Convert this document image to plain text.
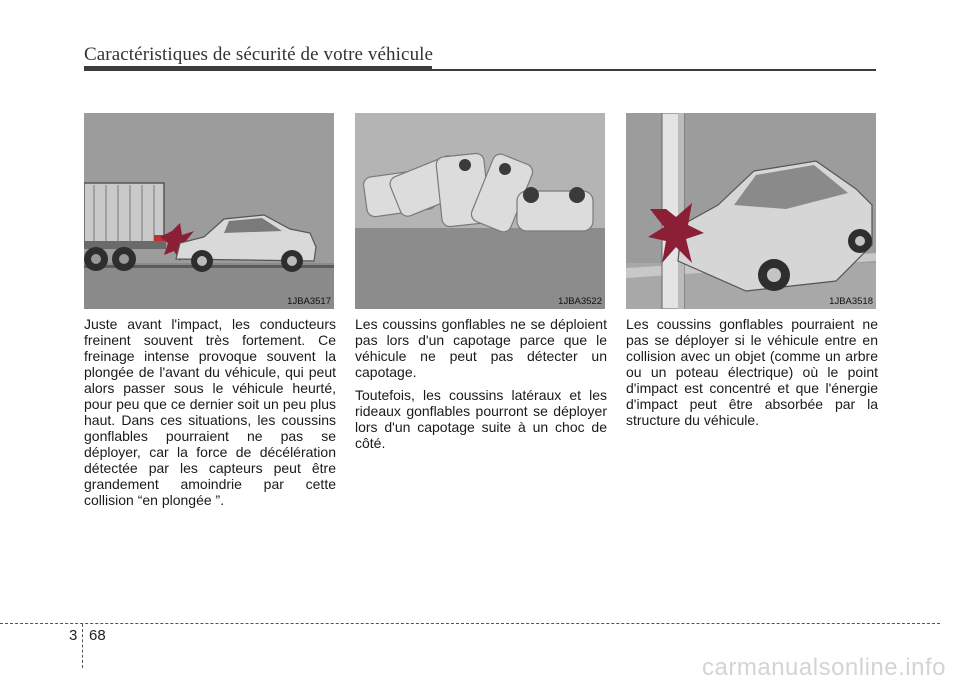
Caractéristiques de sécurité de votre véhicule
1JBA3517	1JBA3522	1JBA3518

Juste avant l'impact, les conducteurs freinent souvent très fortement. Ce freinage intense provoque souvent la plongée de l'avant du véhicule, qui peut alors passer sous le véhicule heurté, pour peu que ce dernier soit un peu plus haut. Dans ces situations, les coussins gonflables pourraient ne pas se déployer, car la force de décélération détectée par les capteurs peut être grandement amoindrie par cette collision “en plongée ”.

Les coussins gonflables ne se déploient pas lors d'un capotage parce que le véhicule ne peut pas détecter un capotage.

Toutefois, les coussins latéraux et les rideaux gonflables pourront se déployer lors d'un capotage suite à un choc de côté.

Les coussins gonflables pourraient ne pas se déployer si le véhicule entre en collision avec un objet (comme un arbre ou un poteau électrique) où le point d'impact est concentré et que l'énergie d'impact peut être absorbée par la structure du véhicule.

3 68
carmanualsonline.info
